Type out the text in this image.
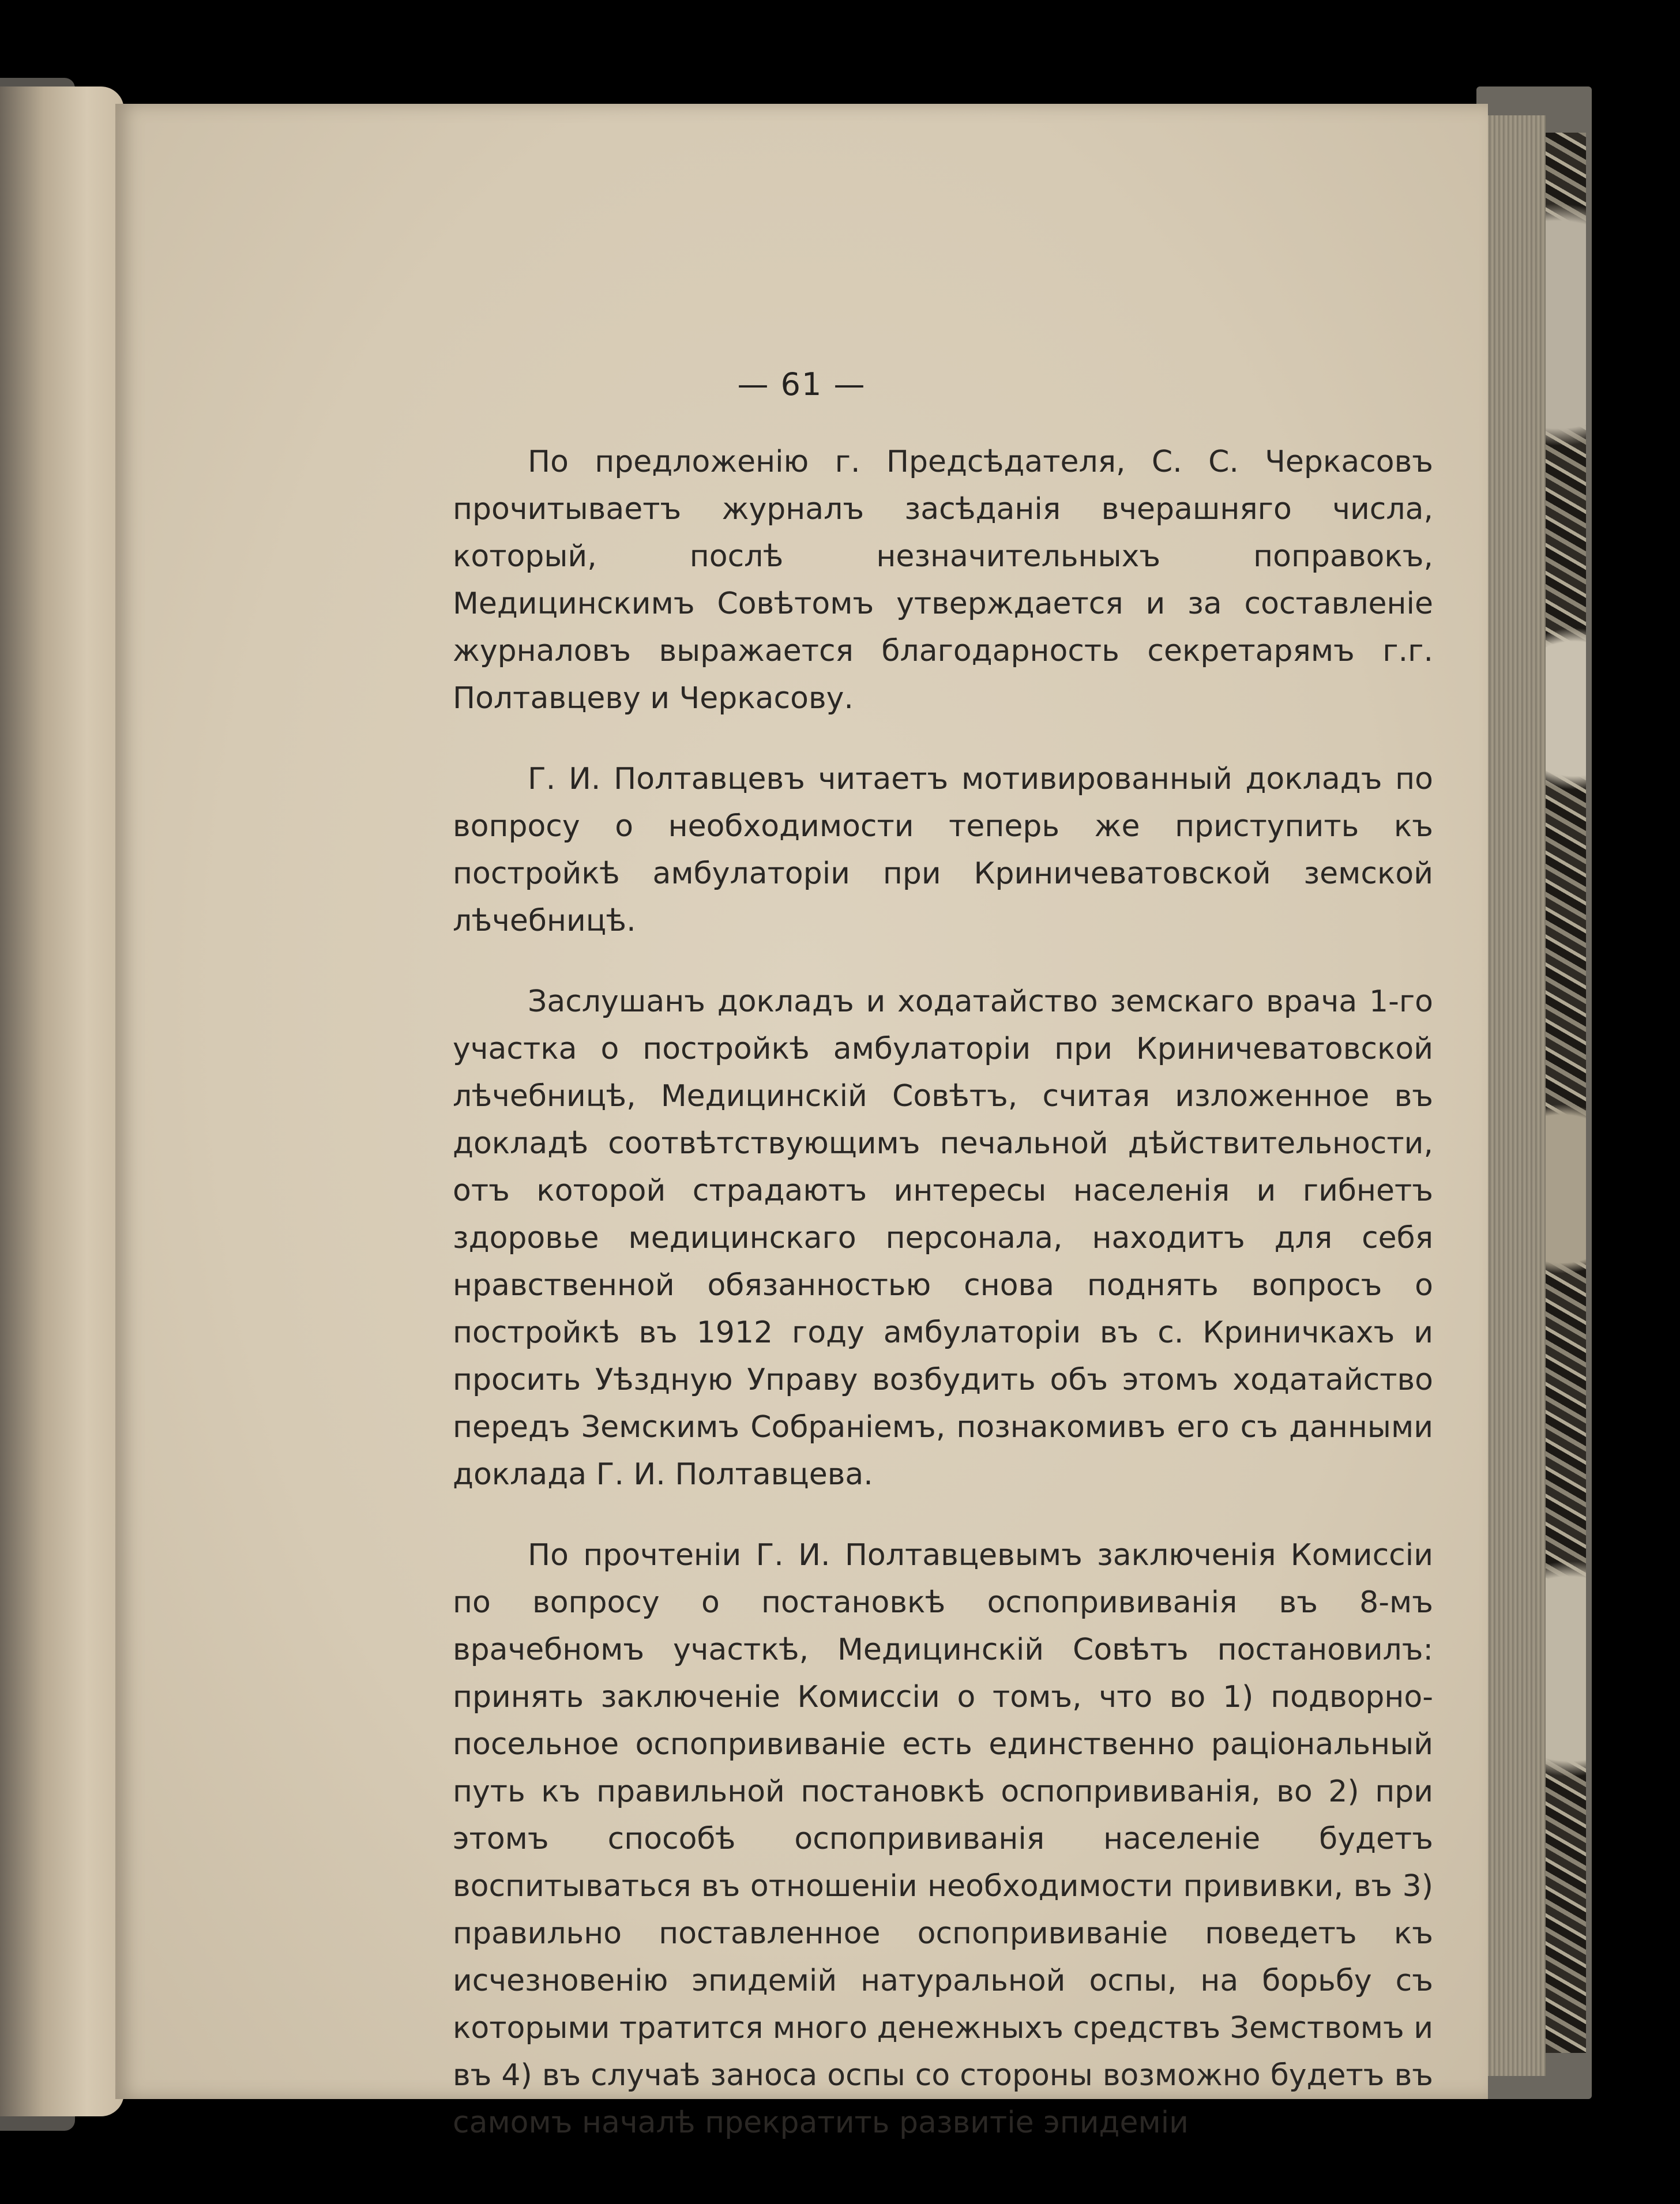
— 61 —

По предложенію г. Предсѣдателя, С. С. Черкасовъ прочитываетъ журналъ засѣданія вчерашняго числа, который, послѣ незначительныхъ поправокъ, Медицинскимъ Совѣтомъ утверждается и за составленіе журналовъ выражается благодарность секретарямъ г.г. Полтавцеву и Черкасову.

Г. И. Полтавцевъ читаетъ мотивированный докладъ по вопросу о необходимости теперь же приступить къ постройкѣ амбулаторіи при Криничеватовской земской лѣчебницѣ.

Заслушанъ докладъ и ходатайство земскаго врача 1-го участка о постройкѣ амбулаторіи при Криничеватовской лѣчебницѣ, Медицинскій Совѣтъ, считая изложенное въ докладѣ соотвѣтствующимъ печальной дѣйствительности, отъ которой страдаютъ интересы населенія и гибнетъ здоровье медицинскаго персонала, находитъ для себя нравственной обязанностью снова поднять вопросъ о постройкѣ въ 1912 году амбулаторіи въ с. Криничкахъ и просить Уѣздную Управу возбудить объ этомъ ходатайство передъ Земскимъ Собраніемъ, познакомивъ его съ данными доклада Г. И. Полтавцева.

По прочтеніи Г. И. Полтавцевымъ заключенія Комиссіи по вопросу о постановкѣ оспопрививанія въ 8-мъ врачебномъ участкѣ, Медицинскій Совѣтъ постановилъ: принять заключеніе Комиссіи о томъ, что во 1) подворно-посельное оспопрививаніе есть единственно раціональный путь къ правильной постановкѣ оспопрививанія, во 2) при этомъ способѣ оспопрививанія населеніе будетъ воспитываться въ отношеніи необходимости прививки, въ 3) правильно поставленное оспопрививаніе поведетъ къ исчезновенію эпидемій натуральной оспы, на борьбу съ которыми тратится много денежныхъ средствъ Земствомъ и въ 4) въ случаѣ заноса оспы со стороны возможно будетъ въ самомъ началѣ прекратить развитіе эпидеміи
